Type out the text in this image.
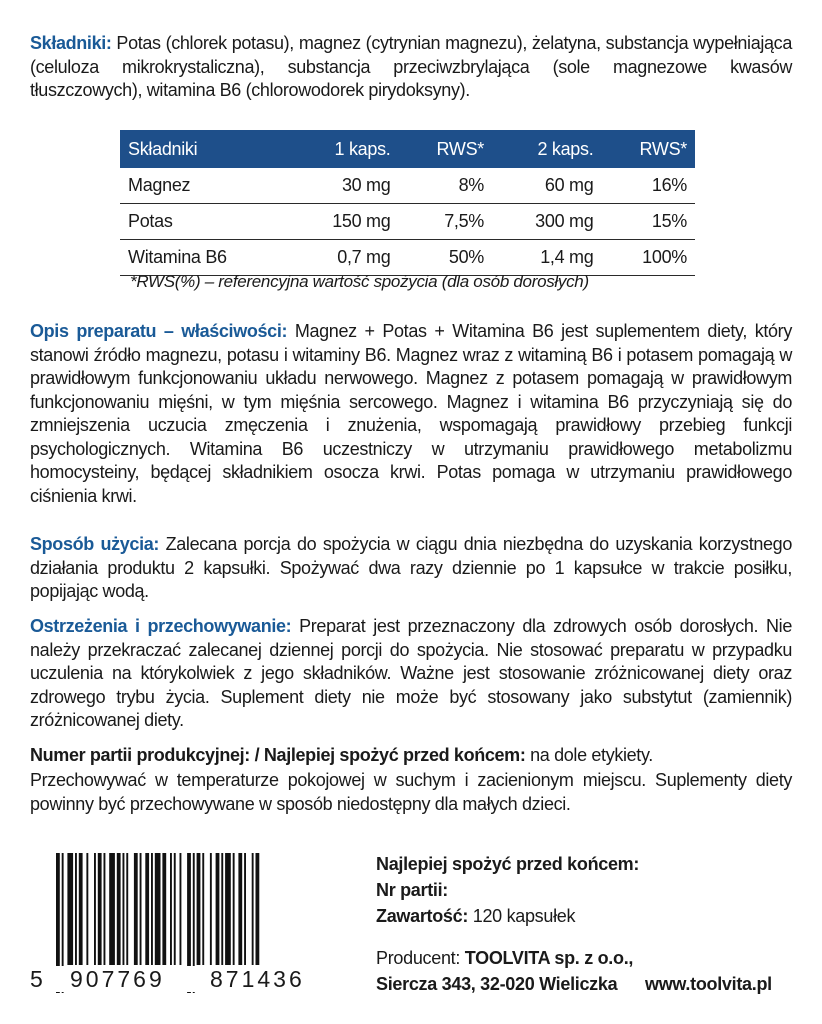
Składniki: Potas (chlorek potasu), magnez (cytrynian magnezu), żelatyna, substancja wypełniająca (celuloza mikrokrystaliczna), substancja przeciwzbrylająca (sole magnezowe kwasów tłuszczowych), witamina B6 (chlorowodorek pirydoksyny).

Składniki	1 kaps.	RWS*	2 kaps.	RWS*
Magnez	30 mg	8%	60 mg	16%
Potas	150 mg	7,5%	300 mg	15%
Witamina B6	0,7 mg	50%	1,4 mg	100%
*RWS(%) – referencyjna wartość spożycia (dla osób dorosłych)

Opis preparatu – właściwości: Magnez + Potas + Witamina B6 jest suplementem diety, który stanowi źródło magnezu, potasu i witaminy B6. Magnez wraz z witaminą B6 i potasem pomagają w prawidłowym funkcjonowaniu układu nerwowego. Magnez z potasem pomagają w prawidłowym funkcjonowaniu mięśni, w tym mięśnia sercowego. Magnez i witamina B6 przyczyniają się do zmniejszenia uczucia zmęczenia i znużenia, wspomagają prawidłowy przebieg funkcji psychologicznych. Witamina B6 uczestniczy w utrzymaniu prawidłowego metabolizmu homocysteiny, będącej składnikiem osocza krwi. Potas pomaga w utrzymaniu prawidłowego ciśnienia krwi.

Sposób użycia: Zalecana porcja do spożycia w ciągu dnia niezbędna do uzyskania korzystnego działania produktu 2 kapsułki. Spożywać dwa razy dziennie po 1 kapsułce w trakcie posiłku, popijając wodą.

Ostrzeżenia i przechowywanie: Preparat jest przeznaczony dla zdrowych osób dorosłych. Nie należy przekraczać zalecanej dziennej porcji do spożycia. Nie stosować preparatu w przypadku uczulenia na którykolwiek z jego składników. Ważne jest stosowanie zróżnicowanej diety oraz zdrowego trybu życia. Suplement diety nie może być stosowany jako substytut (zamiennik) zróżnicowanej diety.

Numer partii produkcyjnej: / Najlepiej spożyć przed końcem: na dole etykiety.

Przechowywać w temperaturze pokojowej w suchym i zacienionym miejscu. Suplementy diety powinny być przechowywane w sposób niedostępny dla małych dzieci.

5 907769 871436
Najlepiej spożyć przed końcem:
Nr partii:
Zawartość: 120 kapsułek
Producent: TOOLVITA sp. z o.o.,
Siercza 343, 32-020 Wieliczka www.toolvita.pl
